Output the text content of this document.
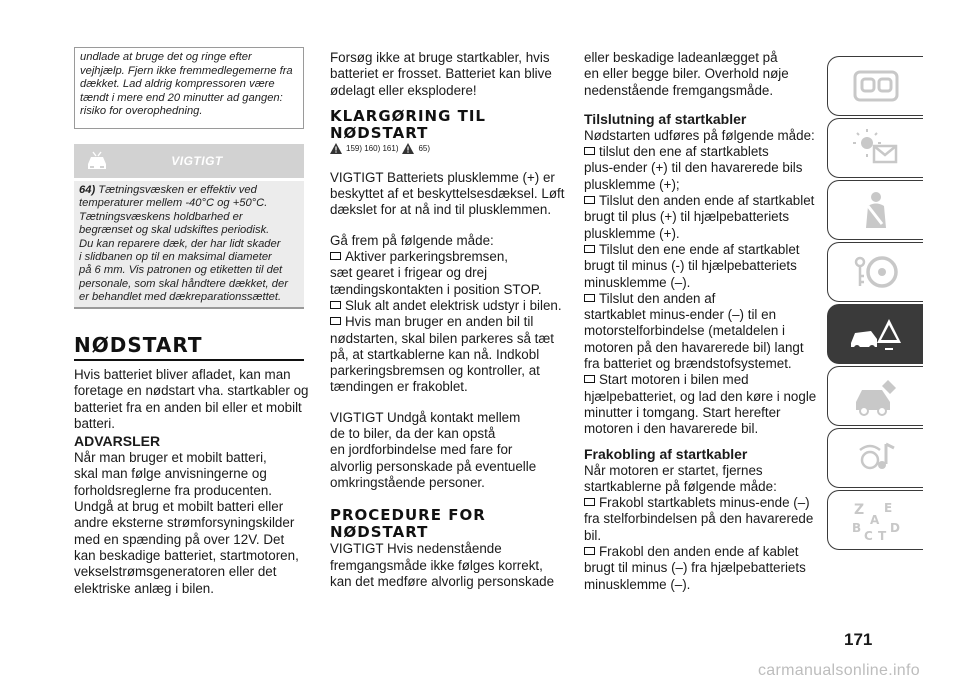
undlade at bruge det og ringe efter
vejhjælp. Fjern ikke fremmedlegemerne fra
dækket. Lad aldrig kompressoren være
tændt i mere end 20 minutter ad gangen:
risiko for overophedning.
VIGTIGT
64) Tætningsvæsken er effektiv ved
temperaturer mellem -40°C og +50°C.
Tætningsvæskens holdbarhed er
begrænset og skal udskiftes periodisk.
Du kan reparere dæk, der har lidt skader
i slidbanen op til en maksimal diameter
på 6 mm. Vis patronen og etiketten til det
personale, som skal håndtere dækket, der
er behandlet med dækreparationssættet.
NØDSTART
Hvis batteriet bliver afladet, kan man
foretage en nødstart vha. startkabler og
batteriet fra en anden bil eller et mobilt
batteri.
ADVARSLER
Når man bruger et mobilt batteri,
skal man følge anvisningerne og
forholdsreglerne fra producenten.
Undgå at brug et mobilt batteri eller
andre eksterne strømforsyningskilder
med en spænding på over 12V. Det
kan beskadige batteriet, startmotoren,
vekselstrømsgeneratoren eller det
elektriske anlæg i bilen.
Forsøg ikke at bruge startkabler, hvis
batteriet er frosset. Batteriet kan blive
ødelagt eller eksplodere!
KLARGØRING TIL
NØDSTART
159) 160) 161)	65)
VIGTIGT Batteriets plusklemme (+) er
beskyttet af et beskyttelsesdæksel. Løft
dækslet for at nå ind til plusklemmen.
Gå frem på følgende måde:
Aktiver parkeringsbremsen,
sæt gearet i frigear og drej
tændingskontakten i position STOP.
Sluk alt andet elektrisk udstyr i bilen.
Hvis man bruger en anden bil til
nødstarten, skal bilen parkeres så tæt
på, at startkablerne kan nå. Indkobl
parkeringsbremsen og kontroller, at
tændingen er frakoblet.
VIGTIGT Undgå kontakt mellem
de to biler, da der kan opstå
en jordforbindelse med fare for
alvorlig personskade på eventuelle
omkringstående personer.
PROCEDURE FOR
NØDSTART
VIGTIGT Hvis nedenstående
fremgangsmåde ikke følges korrekt,
kan det medføre alvorlig personskade
eller beskadige ladeanlægget på
en eller begge biler. Overhold nøje
nedenstående fremgangsmåde.
Tilslutning af startkabler
Nødstarten udføres på følgende måde:
tilslut den ene af startkablets
plus-ender (+) til den havarerede bils
plusklemme (+);
Tilslut den anden ende af startkablet
brugt til plus (+) til hjælpebatteriets
plusklemme (+).
Tilslut den ene ende af startkablet
brugt til minus (-) til hjælpebatteriets
minusklemme (–).
Tilslut den anden af
startkablet minus-ender (–) til en
motorstelforbindelse (metaldelen i
motoren på den havarerede bil) langt
fra batteriet og brændstofsystemet.
Start motoren i bilen med
hjælpebatteriet, og lad den køre i nogle
minutter i tomgang. Start herefter
motoren i den havarerede bil.
Frakobling af startkabler
Når motoren er startet, fjernes
startkablerne på følgende måde:
Frakobl startkablets minus-ende (–)
fra stelforbindelsen på den havarerede
bil.
Frakobl den anden ende af kablet
brugt til minus (–) fra hjælpebatteriets
minusklemme (–).
Z E
A
B
C T
D
171
carmanualsonline.info
